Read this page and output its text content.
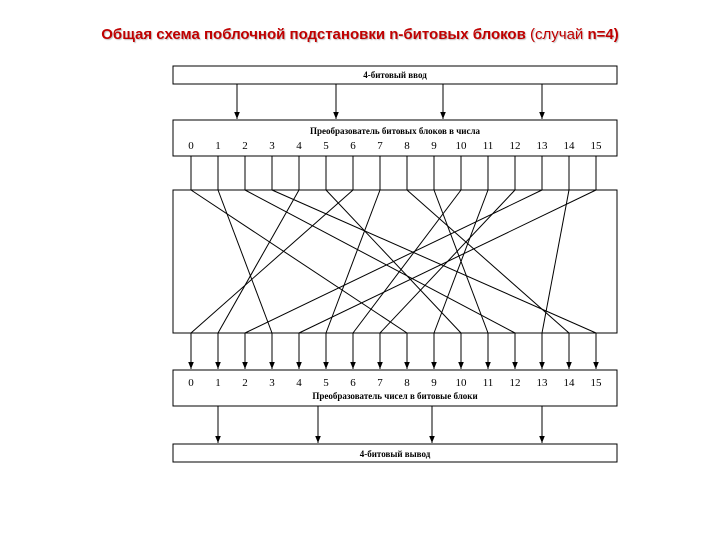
Общая схема поблочной подстановки n-битовых блоков (случай n=4)
4-битовый ввод
Преобразователь битовых блоков в числа
0 1 2 3 4 5 6 7 8 9 10 11 12 13 14 15
0 1 2 3 4 5 6 7 8 9 10 11 12 13 14 15
Преобразователь чисел в битовые блоки
4-битовый вывод
